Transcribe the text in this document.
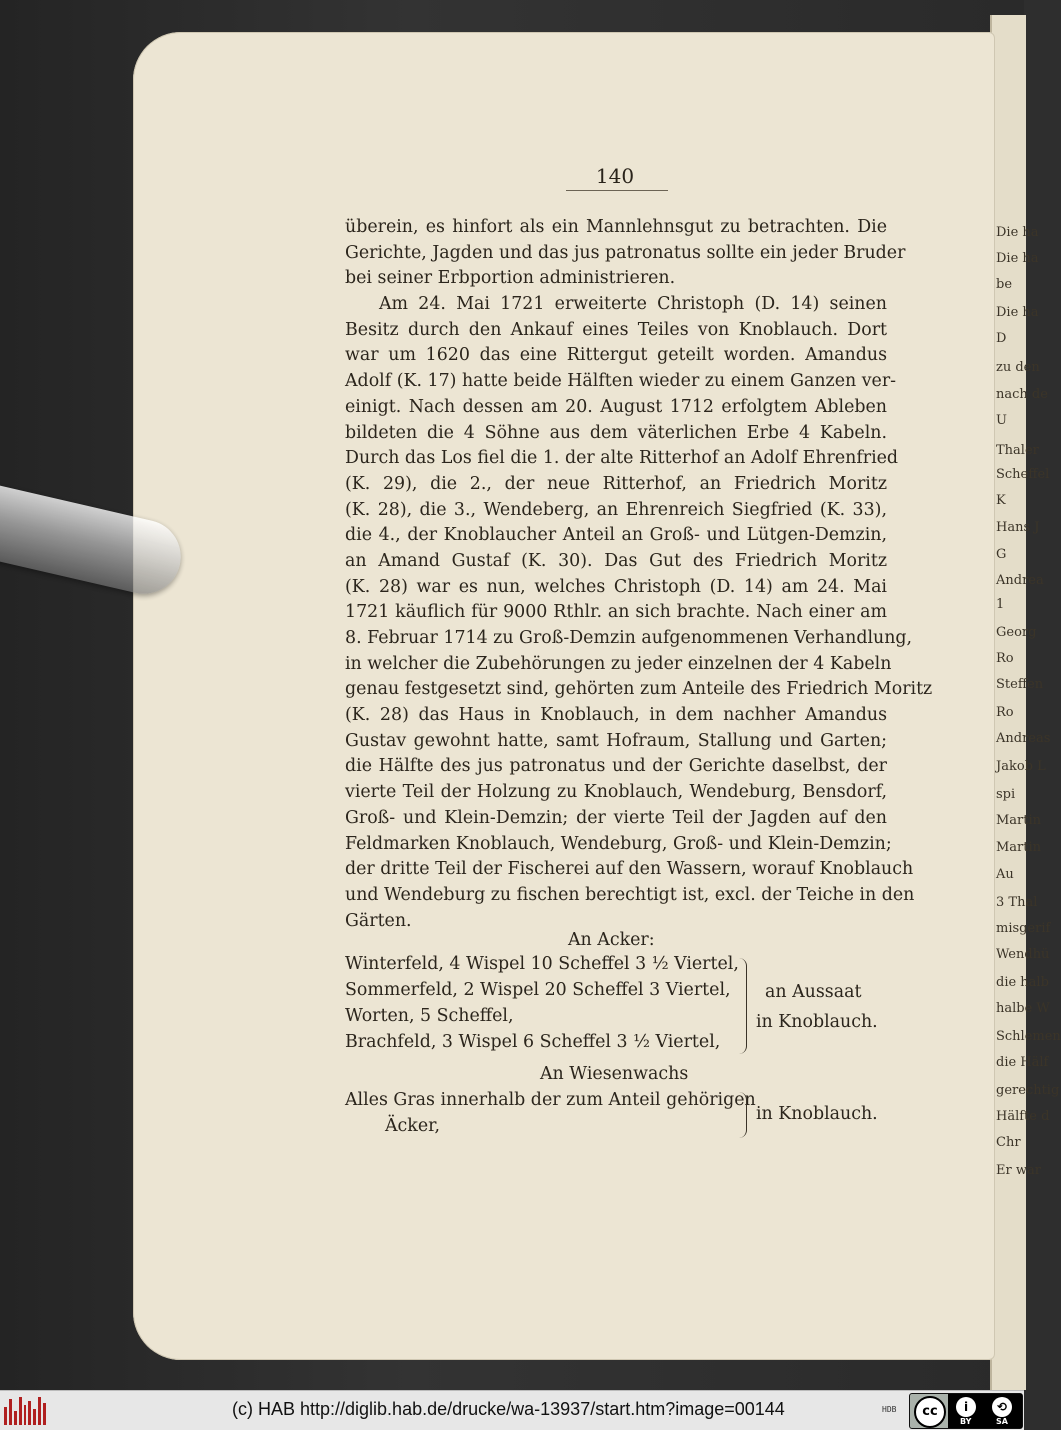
Die ha
Die ha
be
Die ha
D
zu den
nach de
U
Thaler
Scheffel
K
Hans J
G
Andrea
1
Georg
Ro
Steffen
Ro
Andreas
Jakob L
spi
Martin
Martin
Au
3 Thal
misgerif
Wendhü
die halb
halbe W
Schlemen
die Hälf
gerechtig
Hälfte d
Chr
Er war
140
überein, es hinfort als ein Mannlehnsgut zu betrachten. Die
Gerichte, Jagden und das jus patronatus sollte ein jeder Bruder
bei seiner Erbportion administrieren.
Am 24. Mai 1721 erweiterte Christoph (D. 14) seinen
Besitz durch den Ankauf eines Teiles von Knoblauch. Dort
war um 1620 das eine Rittergut geteilt worden. Amandus
Adolf (K. 17) hatte beide Hälften wieder zu einem Ganzen ver-
einigt. Nach dessen am 20. August 1712 erfolgtem Ableben
bildeten die 4 Söhne aus dem väterlichen Erbe 4 Kabeln.
Durch das Los fiel die 1. der alte Ritterhof an Adolf Ehrenfried
(K. 29), die 2., der neue Ritterhof, an Friedrich Moritz
(K. 28), die 3., Wendeberg, an Ehrenreich Siegfried (K. 33),
die 4., der Knoblaucher Anteil an Groß- und Lütgen-Demzin,
an Amand Gustaf (K. 30). Das Gut des Friedrich Moritz
(K. 28) war es nun, welches Christoph (D. 14) am 24. Mai
1721 käuflich für 9000 Rthlr. an sich brachte. Nach einer am
8. Februar 1714 zu Groß-Demzin aufgenommenen Verhandlung,
in welcher die Zubehörungen zu jeder einzelnen der 4 Kabeln
genau festgesetzt sind, gehörten zum Anteile des Friedrich Moritz
(K. 28) das Haus in Knoblauch, in dem nachher Amandus
Gustav gewohnt hatte, samt Hofraum, Stallung und Garten;
die Hälfte des jus patronatus und der Gerichte daselbst, der
vierte Teil der Holzung zu Knoblauch, Wendeburg, Bensdorf,
Groß- und Klein-Demzin; der vierte Teil der Jagden auf den
Feldmarken Knoblauch, Wendeburg, Groß- und Klein-Demzin;
der dritte Teil der Fischerei auf den Wassern, worauf Knoblauch
und Wendeburg zu fischen berechtigt ist, excl. der Teiche in den
Gärten.
An Acker:
Winterfeld, 4 Wispel 10 Scheffel 3 ½ Viertel,
Sommerfeld, 2 Wispel 20 Scheffel 3 Viertel,
Worten, 5 Scheffel,
Brachfeld, 3 Wispel 6 Scheffel 3 ½ Viertel,
an Aussaat
in Knoblauch.
An Wiesenwachs
Alles Gras innerhalb der zum Anteil gehörigen
Äcker,
in Knoblauch.
(c) HAB http://diglib.hab.de/drucke/wa-13937/start.htm?image=00144	HDB	cc	i	⟲
BY	SA
